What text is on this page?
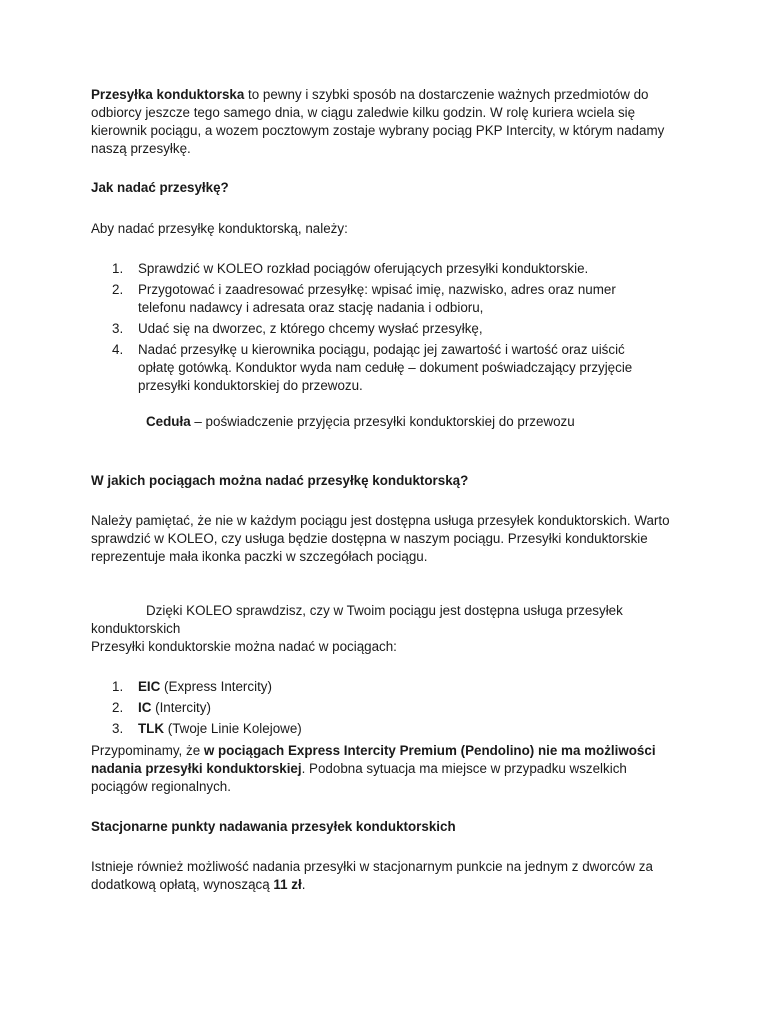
Przesyłka konduktorska to pewny i szybki sposób na dostarczenie ważnych przedmiotów do odbiorcy jeszcze tego samego dnia, w ciągu zaledwie kilku godzin. W rolę kuriera wciela się kierownik pociągu, a wozem pocztowym zostaje wybrany pociąg PKP Intercity, w którym nadamy naszą przesyłkę.

Jak nadać przesyłkę?

Aby nadać przesyłkę konduktorską, należy:

1. Sprawdzić w KOLEO rozkład pociągów oferujących przesyłki konduktorskie.
2. Przygotować i zaadresować przesyłkę: wpisać imię, nazwisko, adres oraz numer telefonu nadawcy i adresata oraz stację nadania i odbioru,
3. Udać się na dworzec, z którego chcemy wysłać przesyłkę,
4. Nadać przesyłkę u kierownika pociągu, podając jej zawartość i wartość oraz uiścić opłatę gotówką. Konduktor wyda nam cedułę – dokument poświadczający przyjęcie przesyłki konduktorskiej do przewozu.

Ceduła – poświadczenie przyjęcia przesyłki konduktorskiej do przewozu

W jakich pociągach można nadać przesyłkę konduktorską?

Należy pamiętać, że nie w każdym pociągu jest dostępna usługa przesyłek konduktorskich. Warto sprawdzić w KOLEO, czy usługa będzie dostępna w naszym pociągu. Przesyłki konduktorskie reprezentuje mała ikonka paczki w szczegółach pociągu.

Dzięki KOLEO sprawdzisz, czy w Twoim pociągu jest dostępna usługa przesyłek

konduktorskich

Przesyłki konduktorskie można nadać w pociągach:

1. EIC (Express Intercity)
2. IC (Intercity)
3. TLK (Twoje Linie Kolejowe)

Przypominamy, że w pociągach Express Intercity Premium (Pendolino) nie ma możliwości nadania przesyłki konduktorskiej. Podobna sytuacja ma miejsce w przypadku wszelkich pociągów regionalnych.

Stacjonarne punkty nadawania przesyłek konduktorskich

Istnieje również możliwość nadania przesyłki w stacjonarnym punkcie na jednym z dworców za dodatkową opłatą, wynoszącą 11 zł.
